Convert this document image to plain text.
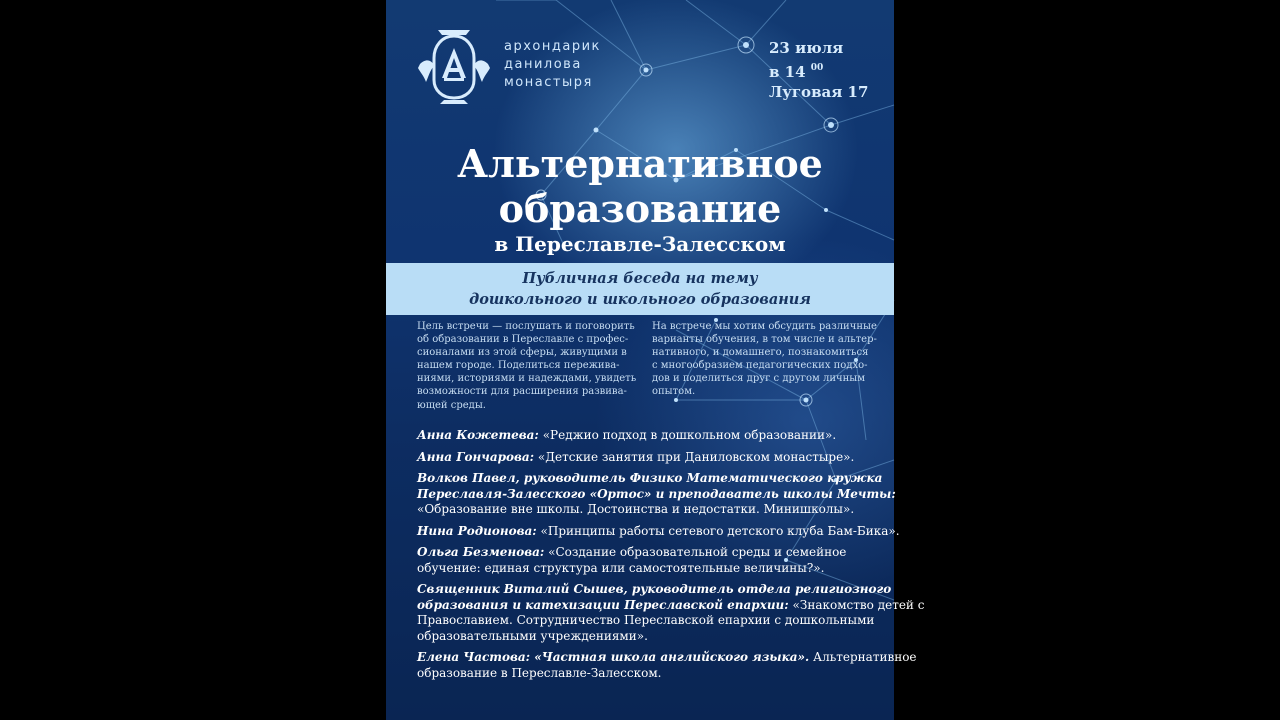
архондарик
данилова
монастыря
23 июля
в 14 $^{00}$
Луговая 17
Альтернативное
образование
в Переславле-Залесском
Публичная беседа на тему
дошкольного и школьного образования
Цель встречи — послушать и поговорить
об образовании в Переславле с профес-
сионалами из этой сферы, живущими в
нашем городе. Поделиться пережива-
ниями, историями и надеждами, увидеть
возможности для расширения развива-
ющей среды.
На встрече мы хотим обсудить различные
варианты обучения, в том числе и альтер-
нативного, и домашнего, познакомиться
с многообразием педагогических подхо-
дов и поделиться друг с другом личным
опытом.
Анна Кожетева: «Реджио подход в дошкольном образовании».
Анна Гончарова: «Детские занятия при Даниловском монастыре».
Волков Павел, руководитель Физико Математического кружка
Переславля-Залесского «Ортос» и преподаватель школы Мечты:
«Образование вне школы. Достоинства и недостатки. Минишколы».
Нина Родионова: «Принципы работы сетевого детского клуба Бам-Бика».
Ольга Безменова: «Создание образовательной среды и семейное
обучение: единая структура или самостоятельные величины?».
Священник Виталий Сышев, руководитель отдела религиозного
образования и катехизации Переславской епархии: «Знакомство детей с
Православием. Сотрудничество Переславской епархии с дошкольными
образовательными учреждениями».
Елена Частова: «Частная школа английского языка». Альтернативное
образование в Переславле-Залесском.
